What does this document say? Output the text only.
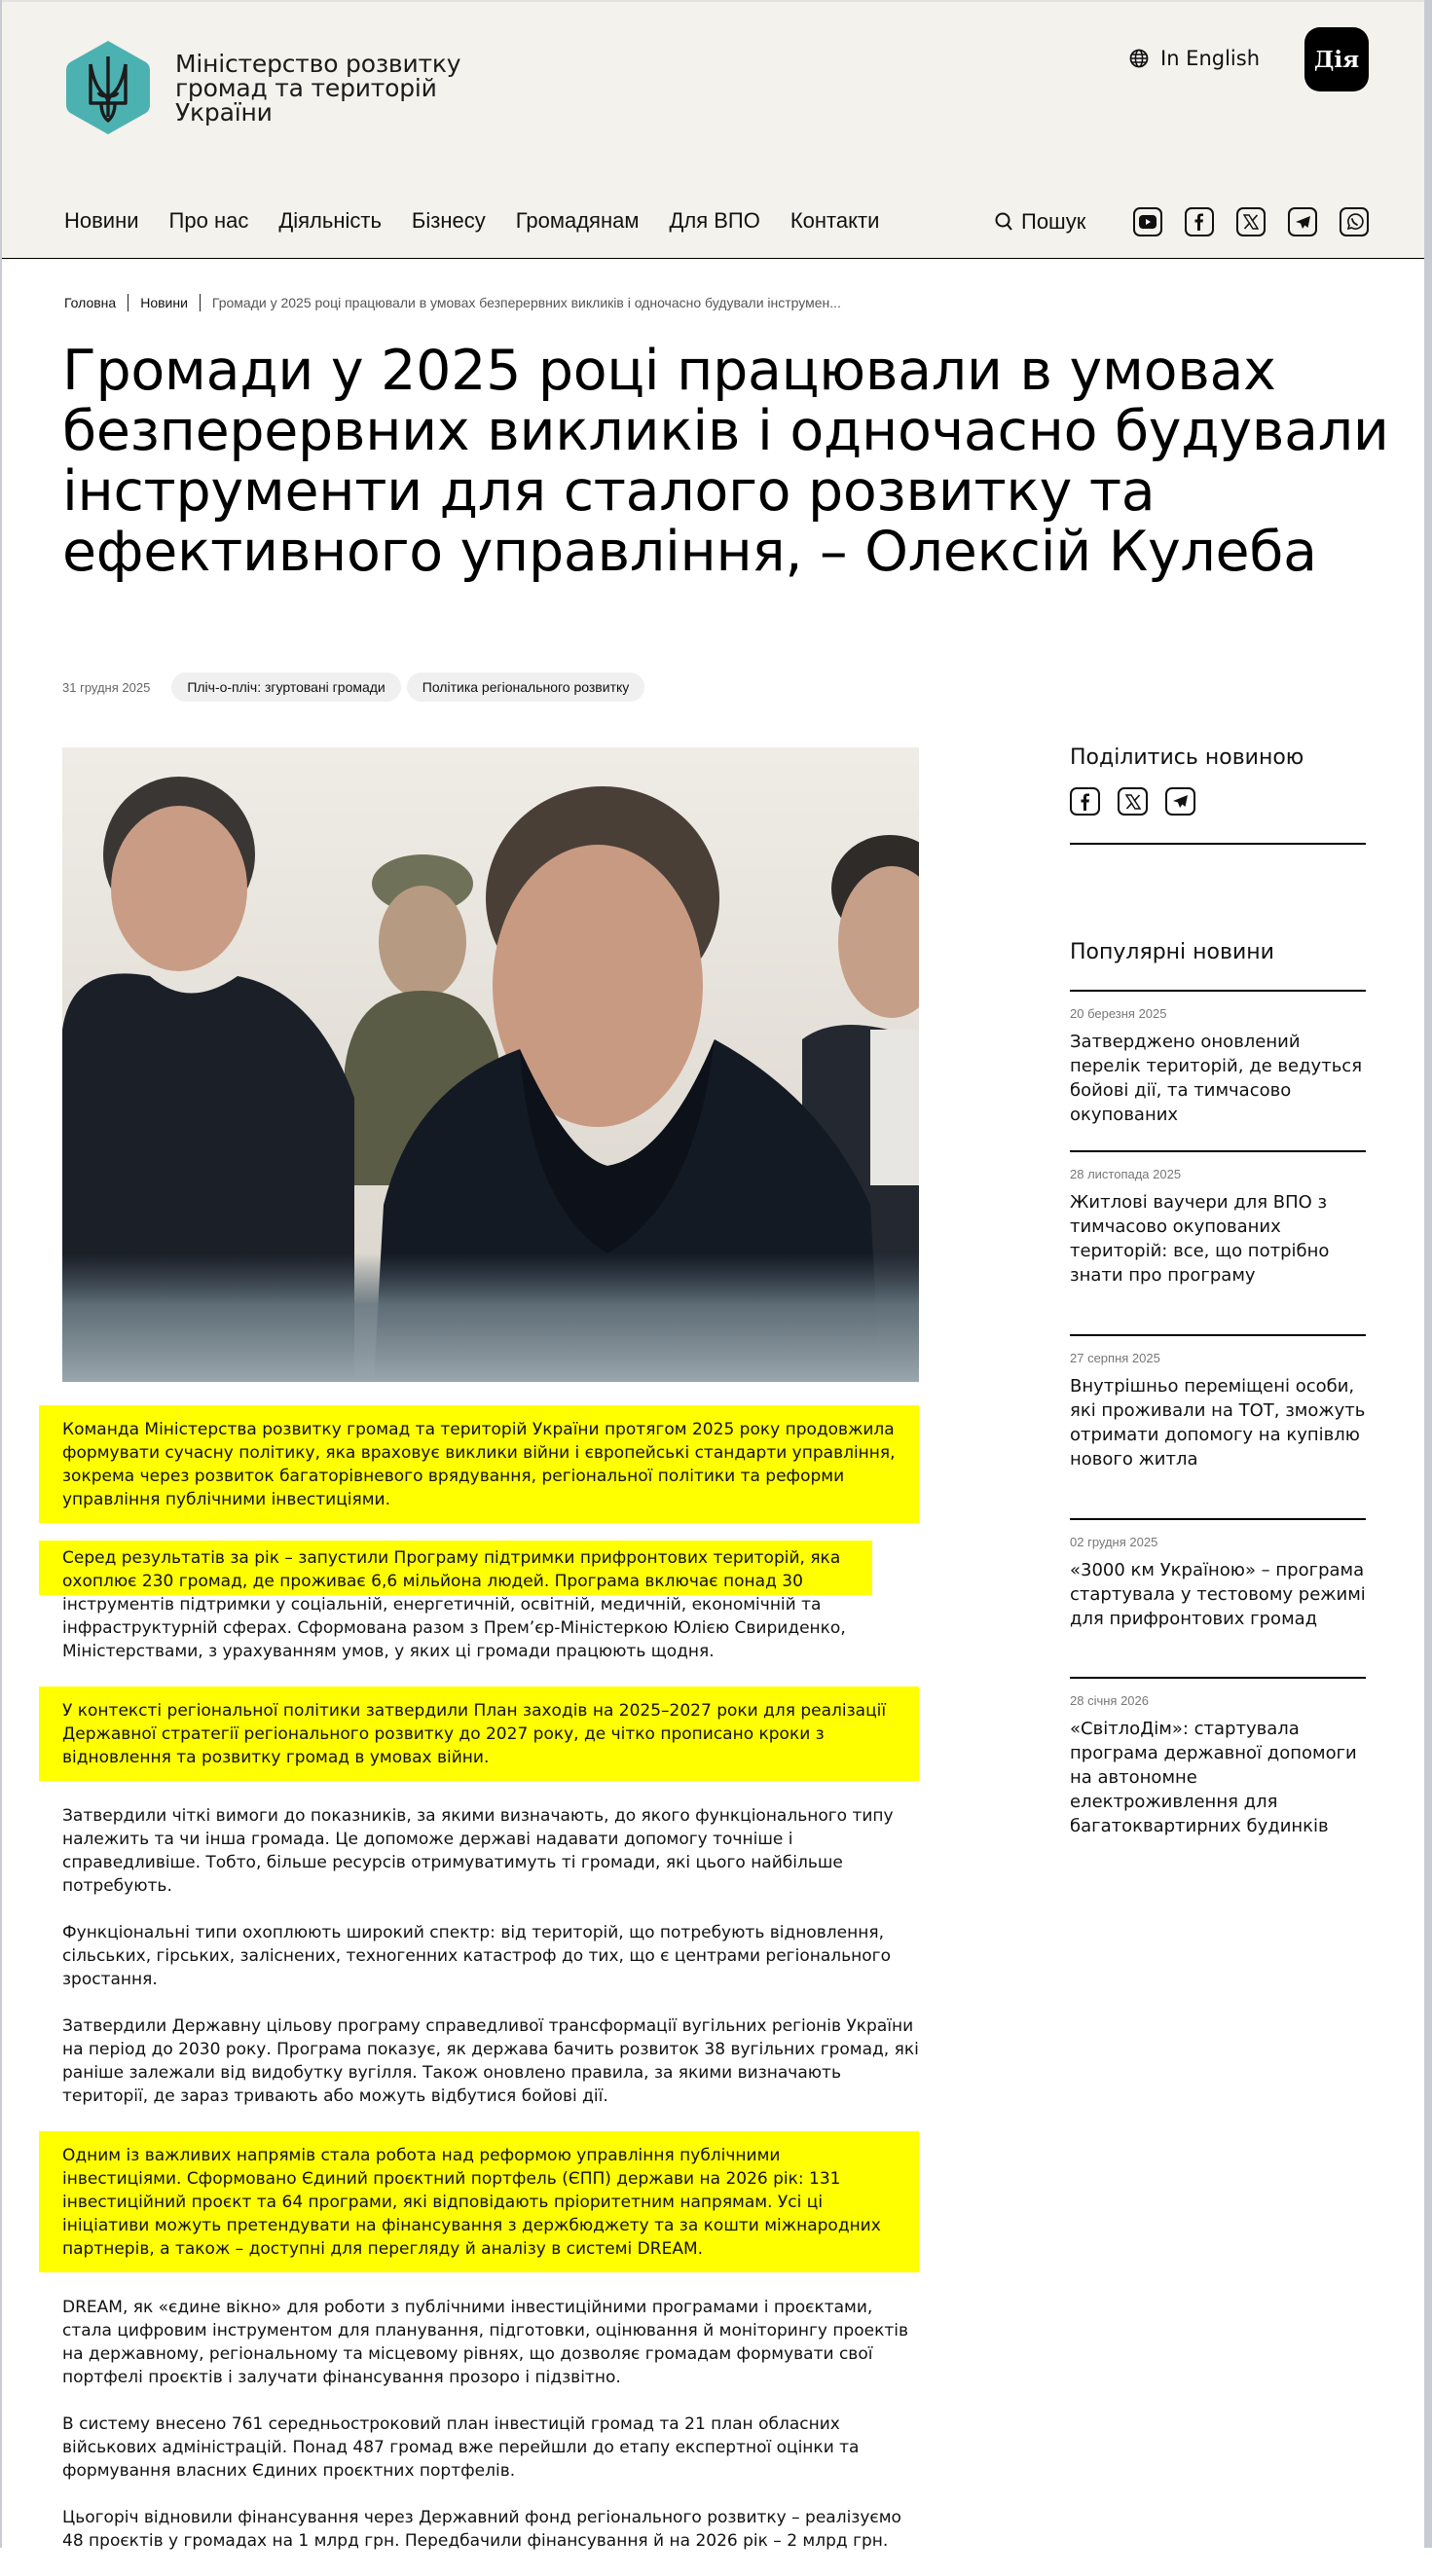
Міністерство розвитку громад та територій України
In English	Дія
Новини Про нас Діяльність Бізнесу Громадянам Для ВПО Контакти	Пошук
Головна Новини Громади у 2025 році працювали в умовах безперервних викликів і одночасно будували інструмен...
Громади у 2025 році працювали в умовах безперервних викликів і одночасно будували інструменти для сталого розвитку та ефективного управління, – Олексій Кулеба
31 грудня 2025	Пліч-о-пліч: згуртовані громади	Політика регіонального розвитку

Команда Міністерства розвитку громад та територій України протягом 2025 року продовжила формувати сучасну політику, яка враховує виклики війни і європейські стандарти управління, зокрема через розвиток багаторівневого врядування, регіональної політики та реформи управління публічними інвестиціями.

Серед результатів за рік – запустили Програму підтримки прифронтових територій, яка охоплює 230 громад, де проживає 6,6 мільйона людей. Програма включає понад 30 інструментів підтримки у соціальній, енергетичній, освітній, медичній, економічній та інфраструктурній сферах. Сформована разом з Прем’єр-Міністеркою Юлією Свириденко, Міністерствами, з урахуванням умов, у яких ці громади працюють щодня.

У контексті регіональної політики затвердили План заходів на 2025–2027 роки для реалізації Державної стратегії регіонального розвитку до 2027 року, де чітко прописано кроки з відновлення та розвитку громад в умовах війни.

Затвердили чіткі вимоги до показників, за якими визначають, до якого функціонального типу належить та чи інша громада. Це допоможе державі надавати допомогу точніше і справедливіше. Тобто, більше ресурсів отримуватимуть ті громади, які цього найбільше потребують.

Функціональні типи охоплюють широкий спектр: від територій, що потребують відновлення, сільських, гірських, заліснених, техногенних катастроф до тих, що є центрами регіонального зростання.

Затвердили Державну цільову програму справедливої трансформації вугільних регіонів України на період до 2030 року. Програма показує, як держава бачить розвиток 38 вугільних громад, які раніше залежали від видобутку вугілля. Також оновлено правила, за якими визначають території, де зараз тривають або можуть відбутися бойові дії.

Одним із важливих напрямів стала робота над реформою управління публічними інвестиціями. Сформовано Єдиний проєктний портфель (ЄПП) держави на 2026 рік: 131 інвестиційний проєкт та 64 програми, які відповідають пріоритетним напрямам. Усі ці ініціативи можуть претендувати на фінансування з держбюджету та за кошти міжнародних партнерів, а також – доступні для перегляду й аналізу в системі DREAM.

DREAM, як «єдине вікно» для роботи з публічними інвестиційними програмами і проєктами, стала цифровим інструментом для планування, підготовки, оцінювання й моніторингу проектів на державному, регіональному та місцевому рівнях, що дозволяє громадам формувати свої портфелі проєктів і залучати фінансування прозоро і підзвітно.

В систему внесено 761 середньостроковий план інвестицій громад та 21 план обласних військових адміністрацій. Понад 487 громад вже перейшли до етапу експертної оцінки та формування власних Єдиних проєктних портфелів.

Цьогоріч відновили фінансування через Державний фонд регіонального розвитку – реалізуємо 48 проєктів у громадах на 1 млрд грн. Передбачили фінансування й на 2026 рік – 2 млрд грн.

Поділитись новиною
Популярні новини
20 березня 2025
Затверджено оновлений перелік територій, де ведуться бойові дії, та тимчасово окупованих
28 листопада 2025
Житлові ваучери для ВПО з тимчасово окупованих територій: все, що потрібно знати про програму
27 серпня 2025
Внутрішньо переміщені особи, які проживали на ТОТ, зможуть отримати допомогу на купівлю нового житла
02 грудня 2025
«3000 км Україною» – програма стартувала у тестовому режимі для прифронтових громад
28 січня 2026
«СвітлоДім»: стартувала програма державної допомоги на автономне електроживлення для багатоквартирних будинків
